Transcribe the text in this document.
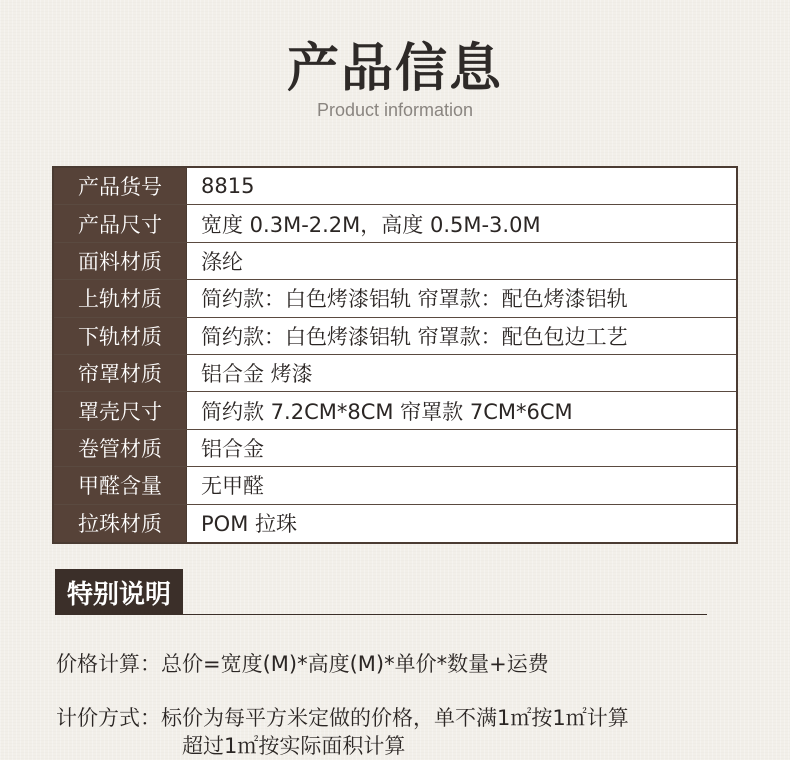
产品信息
Product information
产品货号	8815
产品尺寸	宽度 0.3M-2.2M，高度 0.5M-3.0M
面料材质	涤纶
上轨材质	简约款：白色烤漆铝轨 帘罩款：配色烤漆铝轨
下轨材质	简约款：白色烤漆铝轨 帘罩款：配色包边工艺
帘罩材质	铝合金 烤漆
罩壳尺寸	简约款 7.2CM*8CM 帘罩款 7CM*6CM
卷管材质	铝合金
甲醛含量	无甲醛
拉珠材质	POM 拉珠
特别说明
价格计算：总价=宽度(M)*高度(M)*单价*数量+运费
计价方式：标价为每平方米定做的价格，单不满1㎡按1㎡计算
超过1㎡按实际面积计算
